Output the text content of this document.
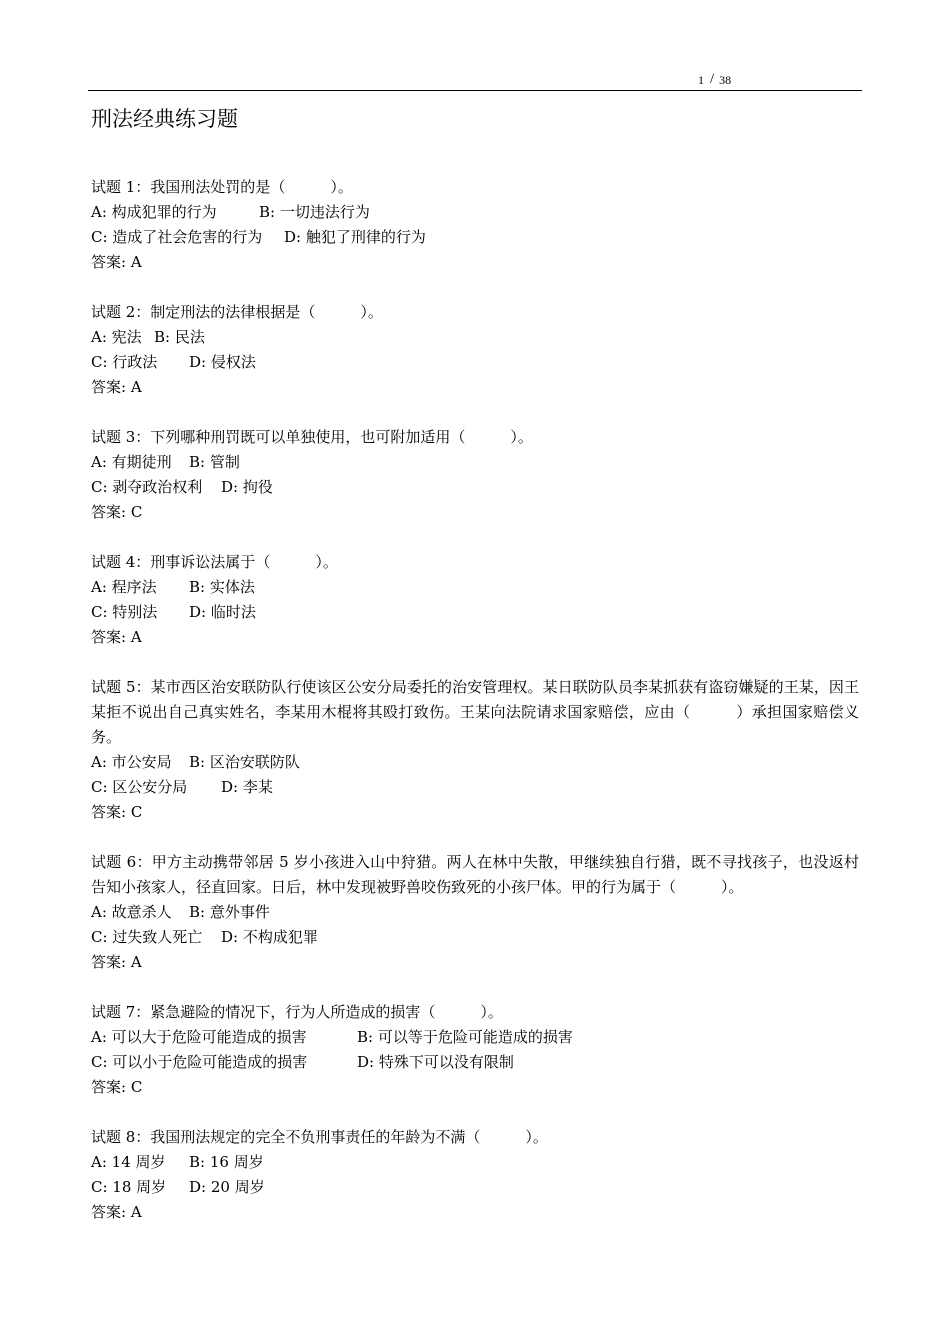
1 / 38
刑法经典练习题
试题 1：我国刑法处罚的是（　　　）。
A: 构成犯罪的行为	B: 一切违法行为
C: 造成了社会危害的行为 D: 触犯了刑律的行为
答案: A
试题 2：制定刑法的法律根据是（　　　）。
A: 宪法 B: 民法
C: 行政法 D: 侵权法
答案: A
试题 3：下列哪种刑罚既可以单独使用，也可附加适用（　　　）。
A: 有期徒刑 B: 管制
C: 剥夺政治权利 D: 拘役
答案: C
试题 4：刑事诉讼法属于（　　　）。
A: 程序法 B: 实体法
C: 特别法 D: 临时法
答案: A
试题 5：某市西区治安联防队行使该区公安分局委托的治安管理权。某日联防队员李某抓获有盗窃嫌疑的王某，因王某拒不说出自己真实姓名，李某用木棍将其殴打致伤。王某向法院请求国家赔偿，应由（　　　）承担国家赔偿义务。
A: 市公安局 B: 区治安联防队
C: 区公安分局 D: 李某
答案: C
试题 6：甲方主动携带邻居 5 岁小孩进入山中狩猎。两人在林中失散，甲继续独自行猎，既不寻找孩子，也没返村告知小孩家人，径直回家。日后，林中发现被野兽咬伤致死的小孩尸体。甲的行为属于（　　　）。
A: 故意杀人 B: 意外事件
C: 过失致人死亡 D: 不构成犯罪
答案: A
试题 7：紧急避险的情况下，行为人所造成的损害（　　　）。
A: 可以大于危险可能造成的损害	B: 可以等于危险可能造成的损害
C: 可以小于危险可能造成的损害	D: 特殊下可以没有限制
答案: C
试题 8：我国刑法规定的完全不负刑事责任的年龄为不满（　　　）。
A: 14 周岁 B: 16 周岁
C: 18 周岁 D: 20 周岁
答案: A
